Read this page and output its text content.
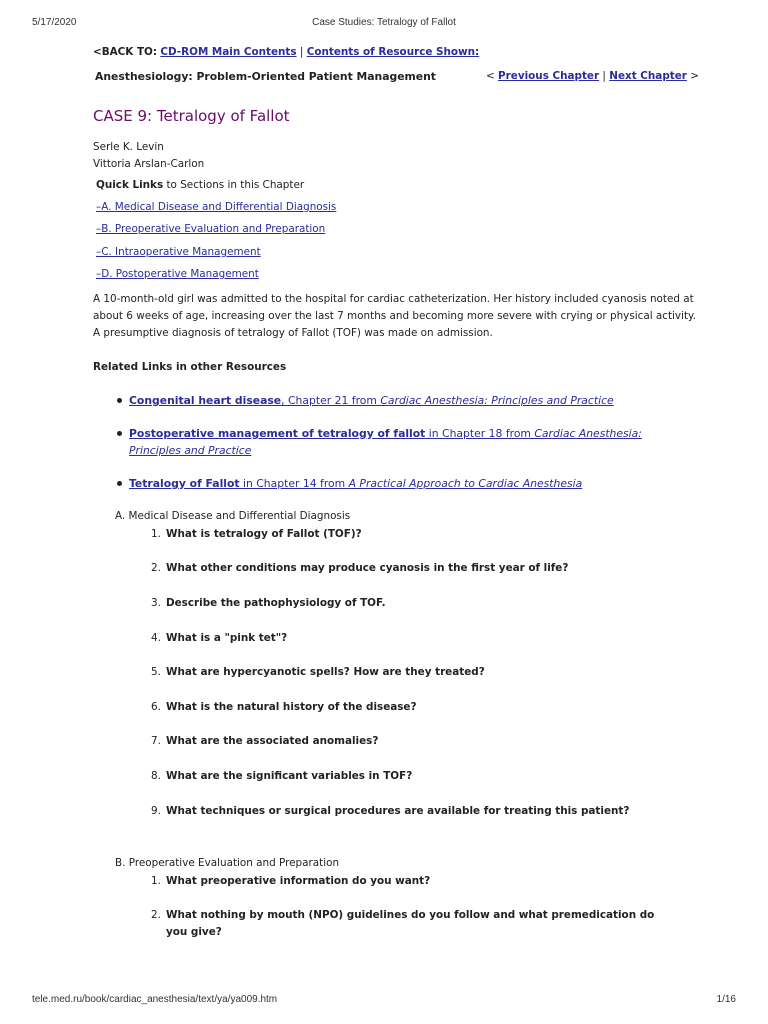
5/17/2020	Case Studies: Tetralogy of Fallot
<BACK TO: CD-ROM Main Contents | Contents of Resource Shown:
Anesthesiology: Problem-Oriented Patient Management	< Previous Chapter | Next Chapter >
CASE 9: Tetralogy of Fallot
Serle K. Levin
Vittoria Arslan-Carlon
Quick Links to Sections in this Chapter
–A. Medical Disease and Differential Diagnosis
–B. Preoperative Evaluation and Preparation
–C. Intraoperative Management
–D. Postoperative Management

A 10-month-old girl was admitted to the hospital for cardiac catheterization. Her history included cyanosis noted at about 6 weeks of age, increasing over the last 7 months and becoming more severe with crying or physical activity. A presumptive diagnosis of tetralogy of Fallot (TOF) was made on admission.

Related Links in other Resources
Congenital heart disease, Chapter 21 from Cardiac Anesthesia: Principles and Practice
Postoperative management of tetralogy of fallot in Chapter 18 from Cardiac Anesthesia: Principles and Practice
Tetralogy of Fallot in Chapter 14 from A Practical Approach to Cardiac Anesthesia
A. Medical Disease and Differential Diagnosis
1. What is tetralogy of Fallot (TOF)?
2. What other conditions may produce cyanosis in the first year of life?
3. Describe the pathophysiology of TOF.
4. What is a "pink tet"?
5. What are hypercyanotic spells? How are they treated?
6. What is the natural history of the disease?
7. What are the associated anomalies?
8. What are the significant variables in TOF?
9. What techniques or surgical procedures are available for treating this patient?
B. Preoperative Evaluation and Preparation
1. What preoperative information do you want?
2. What nothing by mouth (NPO) guidelines do you follow and what premedication do you give?
tele.med.ru/book/cardiac_anesthesia/text/ya/ya009.htm	1/16
